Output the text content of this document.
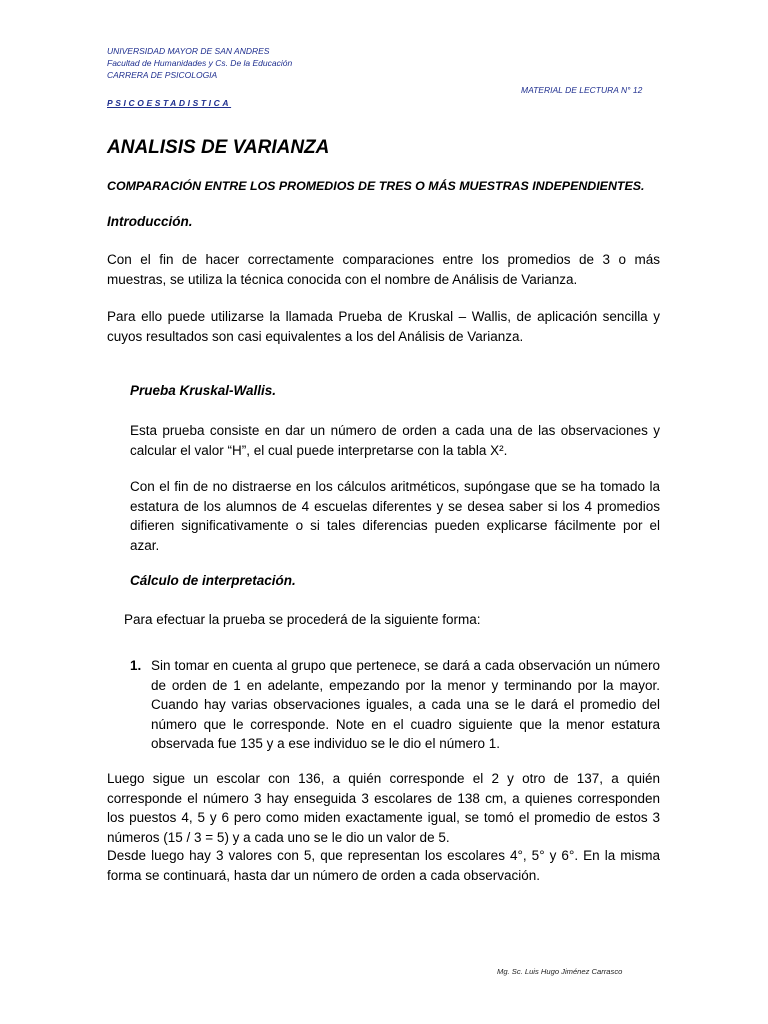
UNIVERSIDAD MAYOR DE SAN ANDRES
Facultad de Humanidades y Cs. De la Educación
CARRERA DE PSICOLOGIA
MATERIAL DE LECTURA N° 12
PSICOESTADISTICA
ANALISIS DE VARIANZA
COMPARACIÓN ENTRE LOS PROMEDIOS DE TRES O MÁS MUESTRAS INDEPENDIENTES.
Introducción.

Con el fin de hacer correctamente comparaciones entre los promedios de 3 o más muestras, se utiliza la técnica conocida con el nombre de Análisis de Varianza.

Para ello puede utilizarse la llamada Prueba de Kruskal – Wallis, de aplicación sencilla y cuyos resultados son casi equivalentes a los del Análisis de Varianza.

Prueba Kruskal-Wallis.

Esta prueba consiste en dar un número de orden a cada una de las observaciones y calcular el valor “H”, el cual puede interpretarse con la tabla X².

Con el fin de no distraerse en los cálculos aritméticos, supóngase que se ha tomado la estatura de los alumnos de 4 escuelas diferentes y se desea saber si los 4 promedios difieren significativamente o si tales diferencias pueden explicarse fácilmente por el azar.

Cálculo de interpretación.
Para efectuar la prueba se procederá de la siguiente forma:
1. Sin tomar en cuenta al grupo que pertenece, se dará a cada observación un número de orden de 1 en adelante, empezando por la menor y terminando por la mayor. Cuando hay varias observaciones iguales, a cada una se le dará el promedio del número que le corresponde. Note en el cuadro siguiente que la menor estatura observada fue 135 y a ese individuo se le dio el número 1.

Luego sigue un escolar con 136, a quién corresponde el 2 y otro de 137, a quién corresponde el número 3 hay enseguida 3 escolares de 138 cm, a quienes corresponden los puestos 4, 5 y 6 pero como miden exactamente igual, se tomó el promedio de estos 3 números (15 / 3 = 5) y a cada uno se le dio un valor de 5.

Desde luego hay 3 valores con 5, que representan los escolares 4°, 5° y 6°. En la misma forma se continuará, hasta dar un número de orden a cada observación.

Mg. Sc. Luis Hugo Jiménez Carrasco
